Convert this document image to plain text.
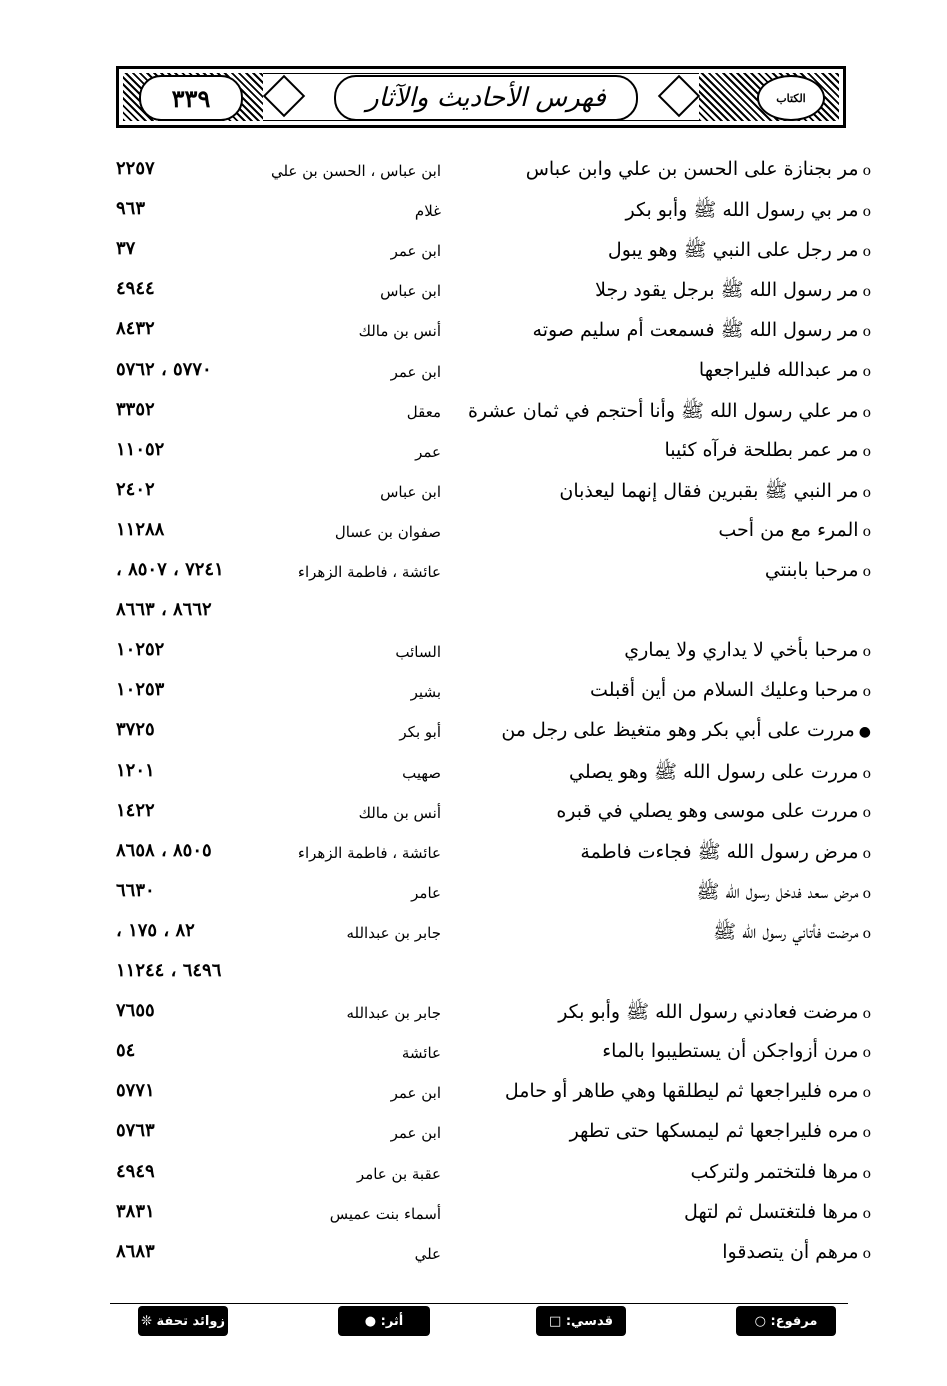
٣٣٩	فهرس الأحاديث والآثار	الكتاب
oمر بجنازة على الحسن بن علي وابن عباس
ابن عباس ، الحسن بن علي
٢٢٥٧
oمر بي رسول الله ﷺ وأبو بكر
غلام
٩٦٣
oمر رجل على النبي ﷺ وهو يبول
ابن عمر
٣٧
oمر رسول الله ﷺ برجل يقود رجلا
ابن عباس
٤٩٤٤
oمر رسول الله ﷺ فسمعت أم سليم صوته
أنس بن مالك
٨٤٣٢
oمر عبدالله فليراجعها
ابن عمر
٥٧٧٠ ، ٥٧٦٢
oمر علي رسول الله ﷺ وأنا أحتجم في ثمان عشرة
معقل
٣٣٥٢
oمر عمر بطلحة فرآه كئيبا
عمر
١١٠٥٢
oمر النبي ﷺ بقبرين فقال إنهما ليعذبان
ابن عباس
٢٤٠٢
oالمرء مع من أحب
صفوان بن عسال
١١٢٨٨
oمرحبا بابنتي
عائشة ، فاطمة الزهراء
٧٢٤١ ، ٨٥٠٧ ،
٨٦٦٢ ، ٨٦٦٣
oمرحبا بأخي لا يداري ولا يماري
السائب
١٠٢٥٢
oمرحبا وعليك السلام من أين أقبلت
بشير
١٠٢٥٣
●مررت على أبي بكر وهو متغيظ على رجل من
أبو بكر
٣٧٢٥
oمررت على رسول الله ﷺ وهو يصلي
صهيب
١٢٠١
oمررت على موسى وهو يصلي في قبره
أنس بن مالك
١٤٢٢
oمرض رسول الله ﷺ فجاءت فاطمة
عائشة ، فاطمة الزهراء
٨٥٠٥ ، ٨٦٥٨
oمرض سعد فدخل رسول الله ﷺ
عامر
٦٦٣٠
oمرضت فأتاني رسول الله ﷺ
جابر بن عبدالله
٨٢ ، ١٧٥ ،
٦٤٩٦ ، ١١٢٤٤
oمرضت فعادني رسول الله ﷺ وأبو بكر
جابر بن عبدالله
٧٦٥٥
oمرن أزواجكن أن يستطيبوا بالماء
عائشة
٥٤
oمره فليراجعها ثم ليطلقها وهي طاهر أو حامل
ابن عمر
٥٧٧١
oمره فليراجعها ثم ليمسكها حتى تطهر
ابن عمر
٥٧٦٣
oمرها فلتختمر ولتركب
عقبة بن عامر
٤٩٤٩
oمرها فلتغتسل ثم لتهل
أسماء بنت عميس
٣٨٣١
oمرهم أن يتصدقوا
علي
٨٦٨٣
مرفوع: ○
قدسي: □
أثر: ●
زوائد تحفة ❊
